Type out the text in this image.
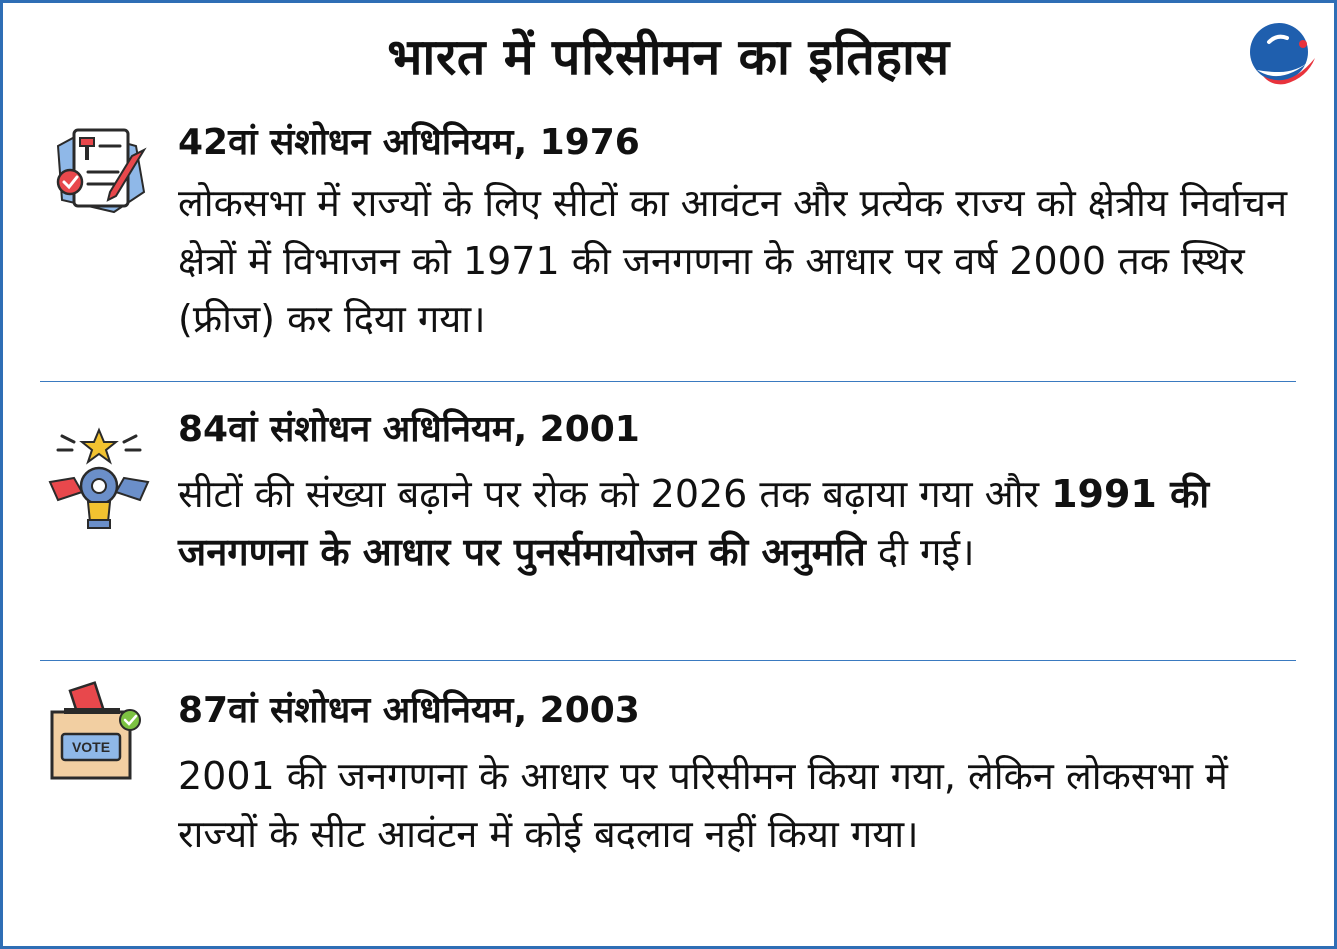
भारत में परिसीमन का इतिहास
42वां संशोधन अधिनियम, 1976

लोकसभा में राज्यों के लिए सीटों का आवंटन और प्रत्येक राज्य को क्षेत्रीय निर्वाचन क्षेत्रों में विभाजन को 1971 की जनगणना के आधार पर वर्ष 2000 तक स्थिर (फ्रीज) कर दिया गया।

84वां संशोधन अधिनियम, 2001

सीटों की संख्या बढ़ाने पर रोक को 2026 तक बढ़ाया गया और 1991 की जनगणना के आधार पर पुनर्समायोजन की अनुमति दी गई।

VOTE
87वां संशोधन अधिनियम, 2003

2001 की जनगणना के आधार पर परिसीमन किया गया, लेकिन लोकसभा में राज्यों के सीट आवंटन में कोई बदलाव नहीं किया गया।
